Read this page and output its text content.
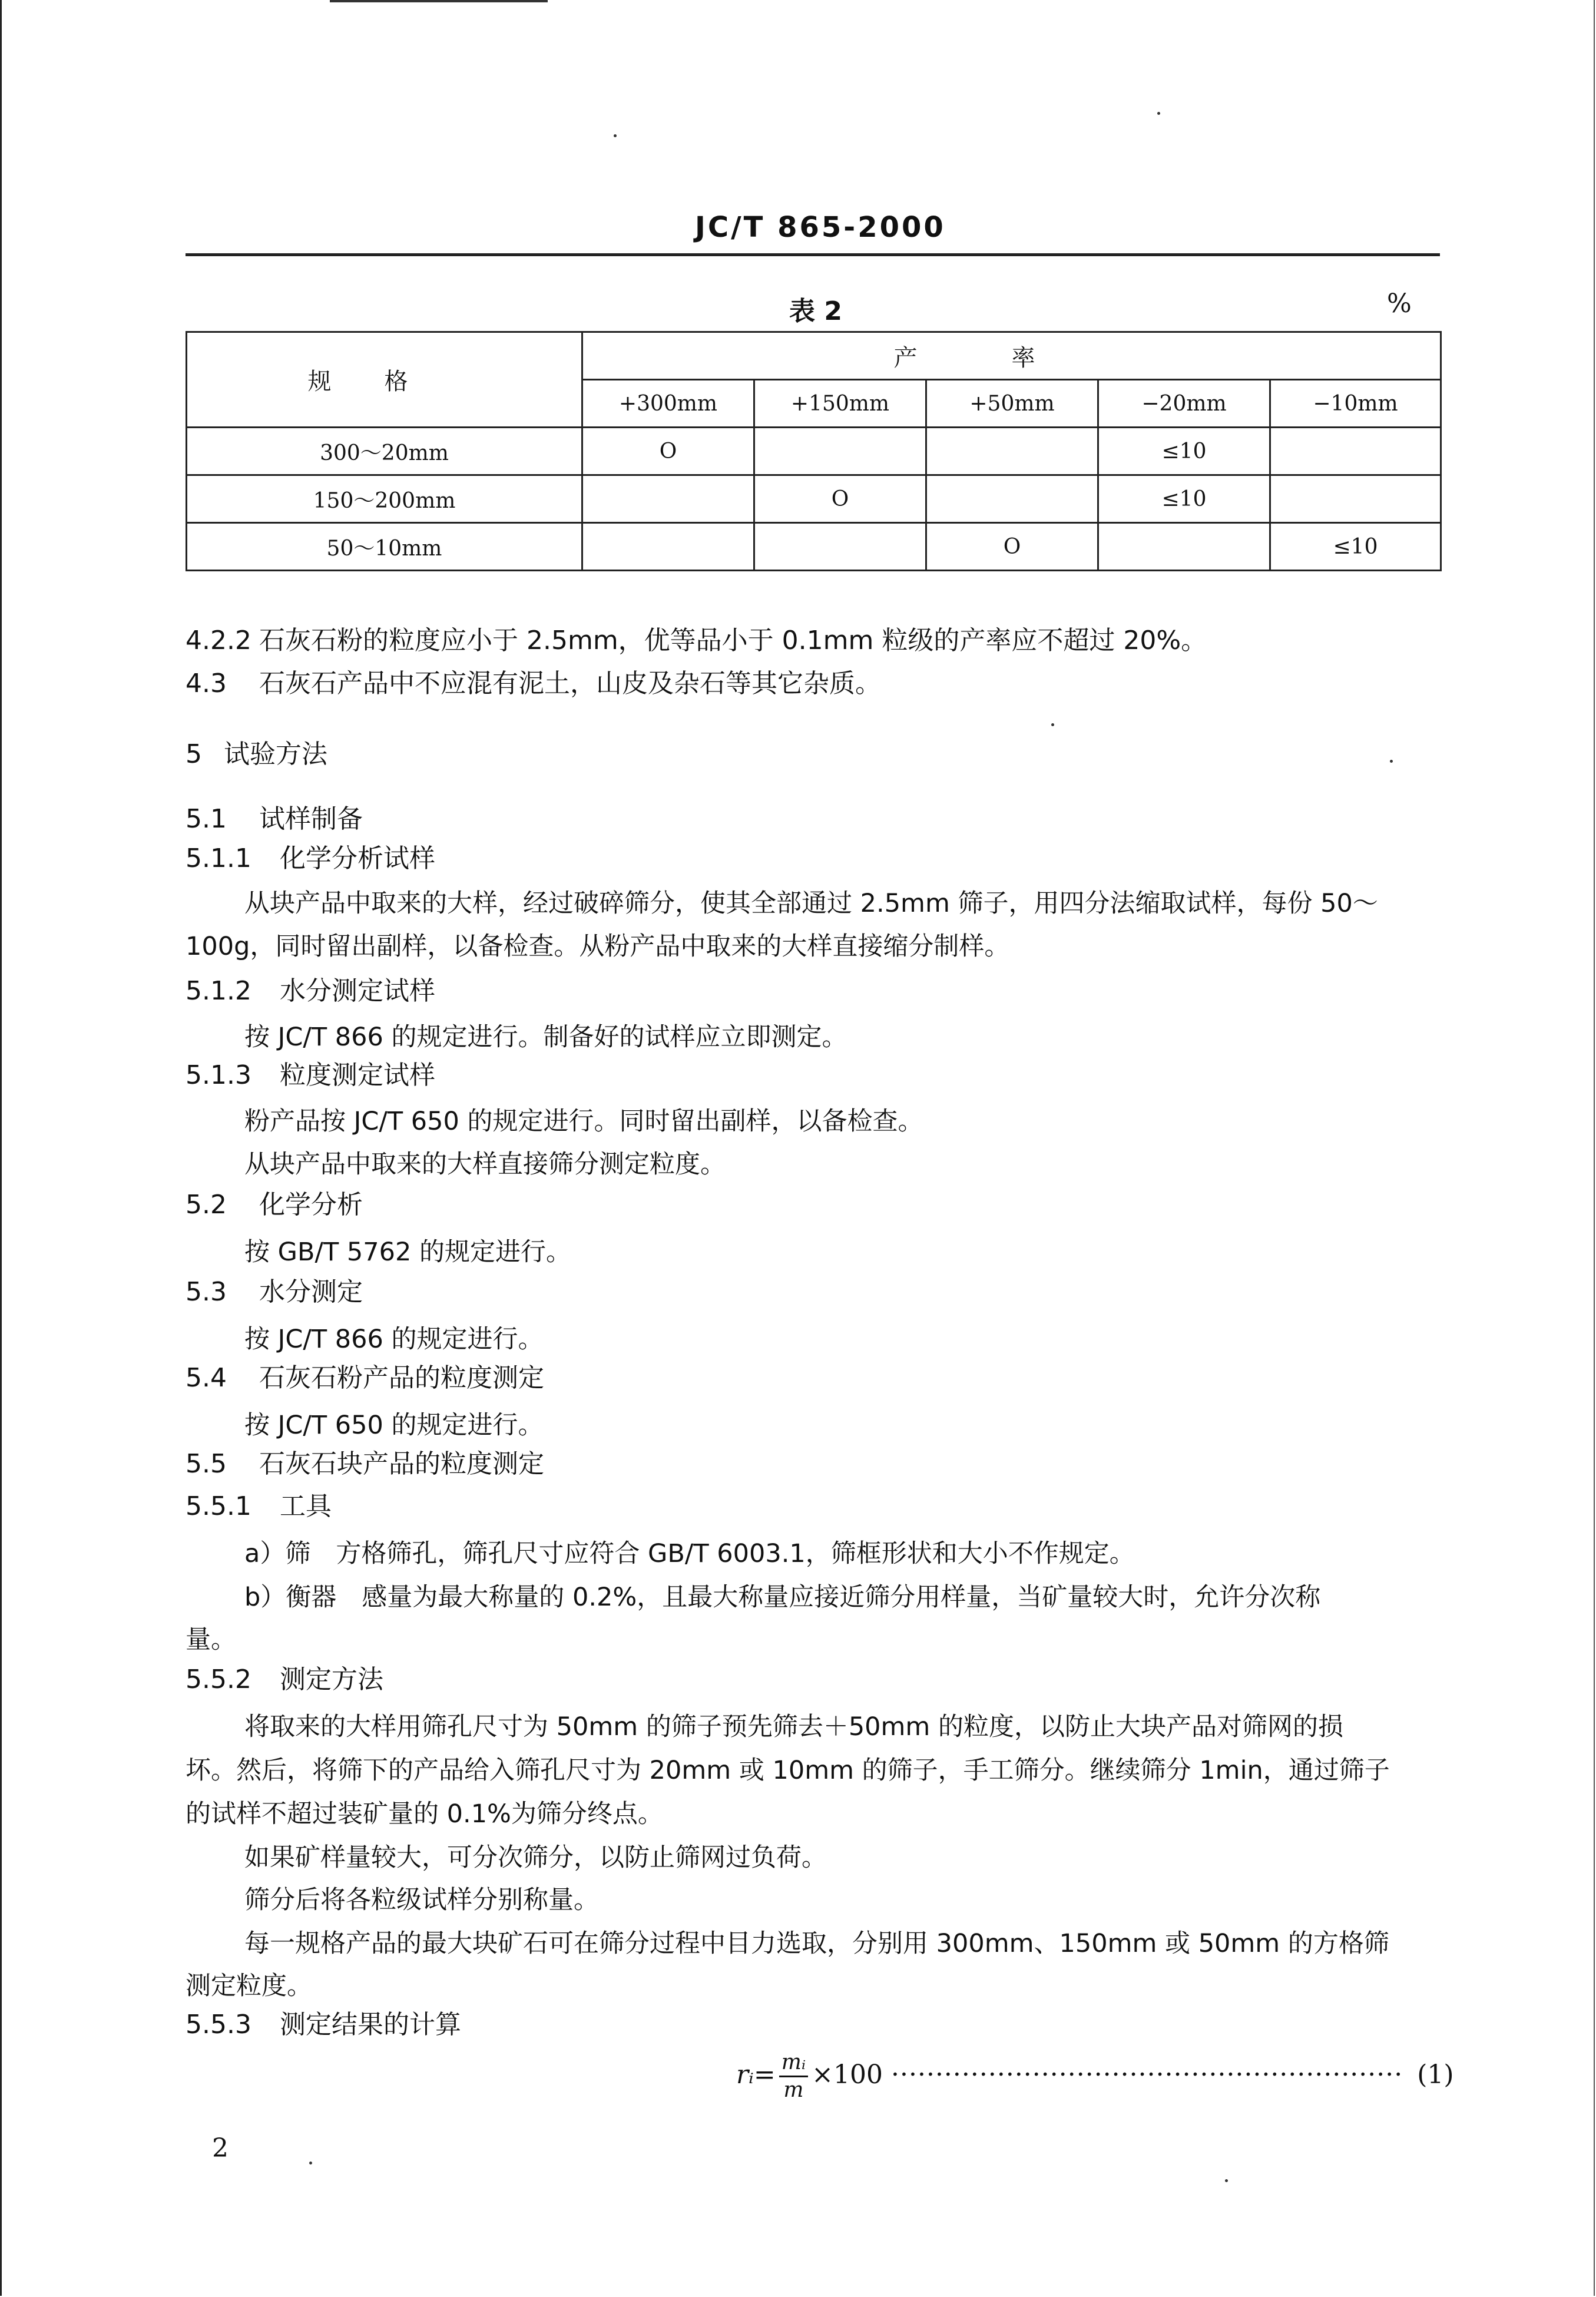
JC/T 865-2000
表 2	%
规格	产率				
	+300mm	+150mm	+50mm	−20mm	−10mm
300～20mm	O			≤10	
150～200mm		O		≤10	
50～10mm			O		≤10
4.2.2 石灰石粉的粒度应小于 2.5mm，优等品小于 0.1mm 粒级的产率应不超过 20%。
4.3 石灰石产品中不应混有泥土，山皮及杂石等其它杂质。
5 试验方法
5.1 试样制备
5.1.1 化学分析试样
从块产品中取来的大样，经过破碎筛分，使其全部通过 2.5mm 筛子，用四分法缩取试样，每份 50～
100g，同时留出副样，以备检查。从粉产品中取来的大样直接缩分制样。
5.1.2 水分测定试样
按 JC/T 866 的规定进行。制备好的试样应立即测定。
5.1.3 粒度测定试样
粉产品按 JC/T 650 的规定进行。同时留出副样，以备检查。
从块产品中取来的大样直接筛分测定粒度。
5.2 化学分析
按 GB/T 5762 的规定进行。
5.3 水分测定
按 JC/T 866 的规定进行。
5.4 石灰石粉产品的粒度测定
按 JC/T 650 的规定进行。
5.5 石灰石块产品的粒度测定
5.5.1 工具
a）筛　方格筛孔，筛孔尺寸应符合 GB/T 6003.1，筛框形状和大小不作规定。
b）衡器　感量为最大称量的 0.2%，且最大称量应接近筛分用样量，当矿量较大时，允许分次称
量。
5.5.2 测定方法
将取来的大样用筛孔尺寸为 50mm 的筛子预先筛去＋50mm 的粒度，以防止大块产品对筛网的损
坏。然后，将筛下的产品给入筛孔尺寸为 20mm 或 10mm 的筛子，手工筛分。继续筛分 1min，通过筛子
的试样不超过装矿量的 0.1%为筛分终点。
如果矿样量较大，可分次筛分，以防止筛网过负荷。
筛分后将各粒级试样分别称量。
每一规格产品的最大块矿石可在筛分过程中目力选取，分别用 300mm、150mm 或 50mm 的方格筛
测定粒度。
5.5.3 测定结果的计算
rᵢ= $\frac{\text{mᵢ}}{m} \times 100$ ·························································· (1)
2
